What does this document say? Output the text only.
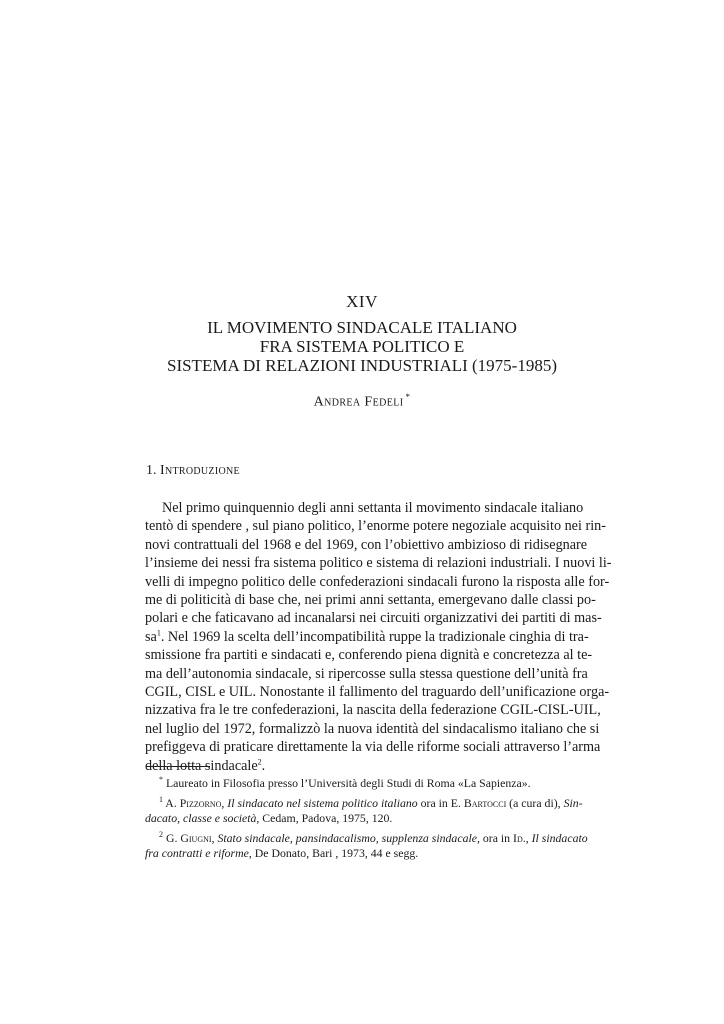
XIV
IL MOVIMENTO SINDACALE ITALIANO
FRA SISTEMA POLITICO E
SISTEMA DI RELAZIONI INDUSTRIALI (1975-1985)
Andrea Fedeli *
1. Introduzione
Nel primo quinquennio degli anni settanta il movimento sindacale italiano
tentò di spendere , sul piano politico, l’enorme potere negoziale acquisito nei rin-
novi contrattuali del 1968 e del 1969, con l’obiettivo ambizioso di ridisegnare
l’insieme dei nessi fra sistema politico e sistema di relazioni industriali. I nuovi li-
velli di impegno politico delle confederazioni sindacali furono la risposta alle for-
me di politicità di base che, nei primi anni settanta, emergevano dalle classi po-
polari e che faticavano ad incanalarsi nei circuiti organizzativi dei partiti di mas-
$sa^1$. Nel 1969 la scelta dell’incompatibilità ruppe la tradizionale cinghia di tra-
smissione fra partiti e sindacati e, conferendo piena dignità e concretezza al te-
ma dell’autonomia sindacale, si ripercosse sulla stessa questione dell’unità fra
CGIL, CISL e UIL. Nonostante il fallimento del traguardo dell’unificazione orga-
nizzativa fra le tre confederazioni, la nascita della federazione CGIL-CISL-UIL,
nel luglio del 1972, formalizzò la nuova identità del sindacalismo italiano che si
prefiggeva di praticare direttamente la via delle riforme sociali attraverso l’arma
della lotta sindacale$^2$.
* Laureato in Filosofia presso l’Università degli Studi di Roma «La Sapienza».
$^1$ A. Pizzorno, Il sindacato nel sistema politico italiano ora in E. Bartocci (a cura di), Sin-
dacato, classe e società, Cedam, Padova, 1975, 120.
$^2$ G. Giugni, Stato sindacale, pansindacalismo, supplenza sindacale, ora in Id., Il sindacato
fra contratti e riforme, De Donato, Bari , 1973, 44 e segg.
